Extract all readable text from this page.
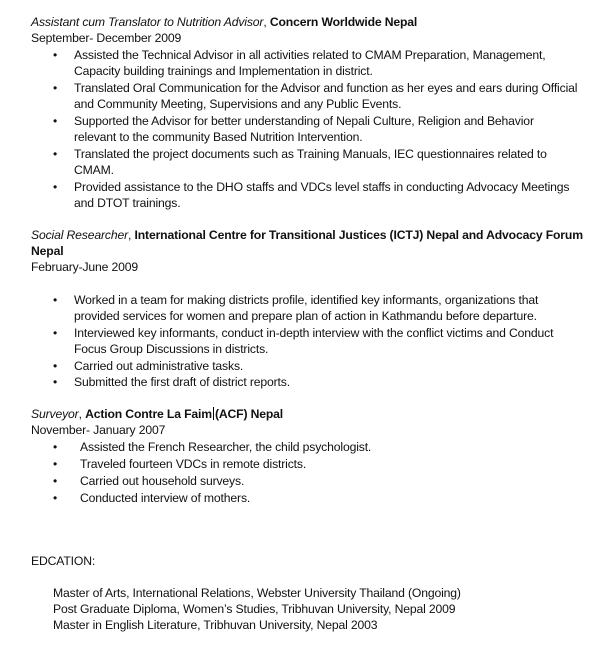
Assistant cum Translator to Nutrition Advisor, Concern Worldwide Nepal
September- December 2009
• Assisted the Technical Advisor in all activities related to CMAM Preparation, Management,
Capacity building trainings and Implementation in district.
• Translated Oral Communication for the Advisor and function as her eyes and ears during Official
and Community Meeting, Supervisions and any Public Events.
• Supported the Advisor for better understanding of Nepali Culture, Religion and Behavior
relevant to the community Based Nutrition Intervention.
• Translated the project documents such as Training Manuals, IEC questionnaires related to
CMAM.
• Provided assistance to the DHO staffs and VDCs level staffs in conducting Advocacy Meetings
and DTOT trainings.
Social Researcher, International Centre for Transitional Justices (ICTJ) Nepal and Advocacy Forum
Nepal
February-June 2009
• Worked in a team for making districts profile, identified key informants, organizations that
provided services for women and prepare plan of action in Kathmandu before departure.
• Interviewed key informants, conduct in-depth interview with the conflict victims and Conduct
Focus Group Discussions in districts.
• Carried out administrative tasks.
• Submitted the first draft of district reports.
Surveyor, Action Contre La Faim (ACF) Nepal
November- January 2007
• Assisted the French Researcher, the child psychologist.
• Traveled fourteen VDCs in remote districts.
• Carried out household surveys.
• Conducted interview of mothers.
EDCATION:
Master of Arts, International Relations, Webster University Thailand (Ongoing)
Post Graduate Diploma, Women’s Studies, Tribhuvan University, Nepal 2009
Master in English Literature, Tribhuvan University, Nepal 2003
